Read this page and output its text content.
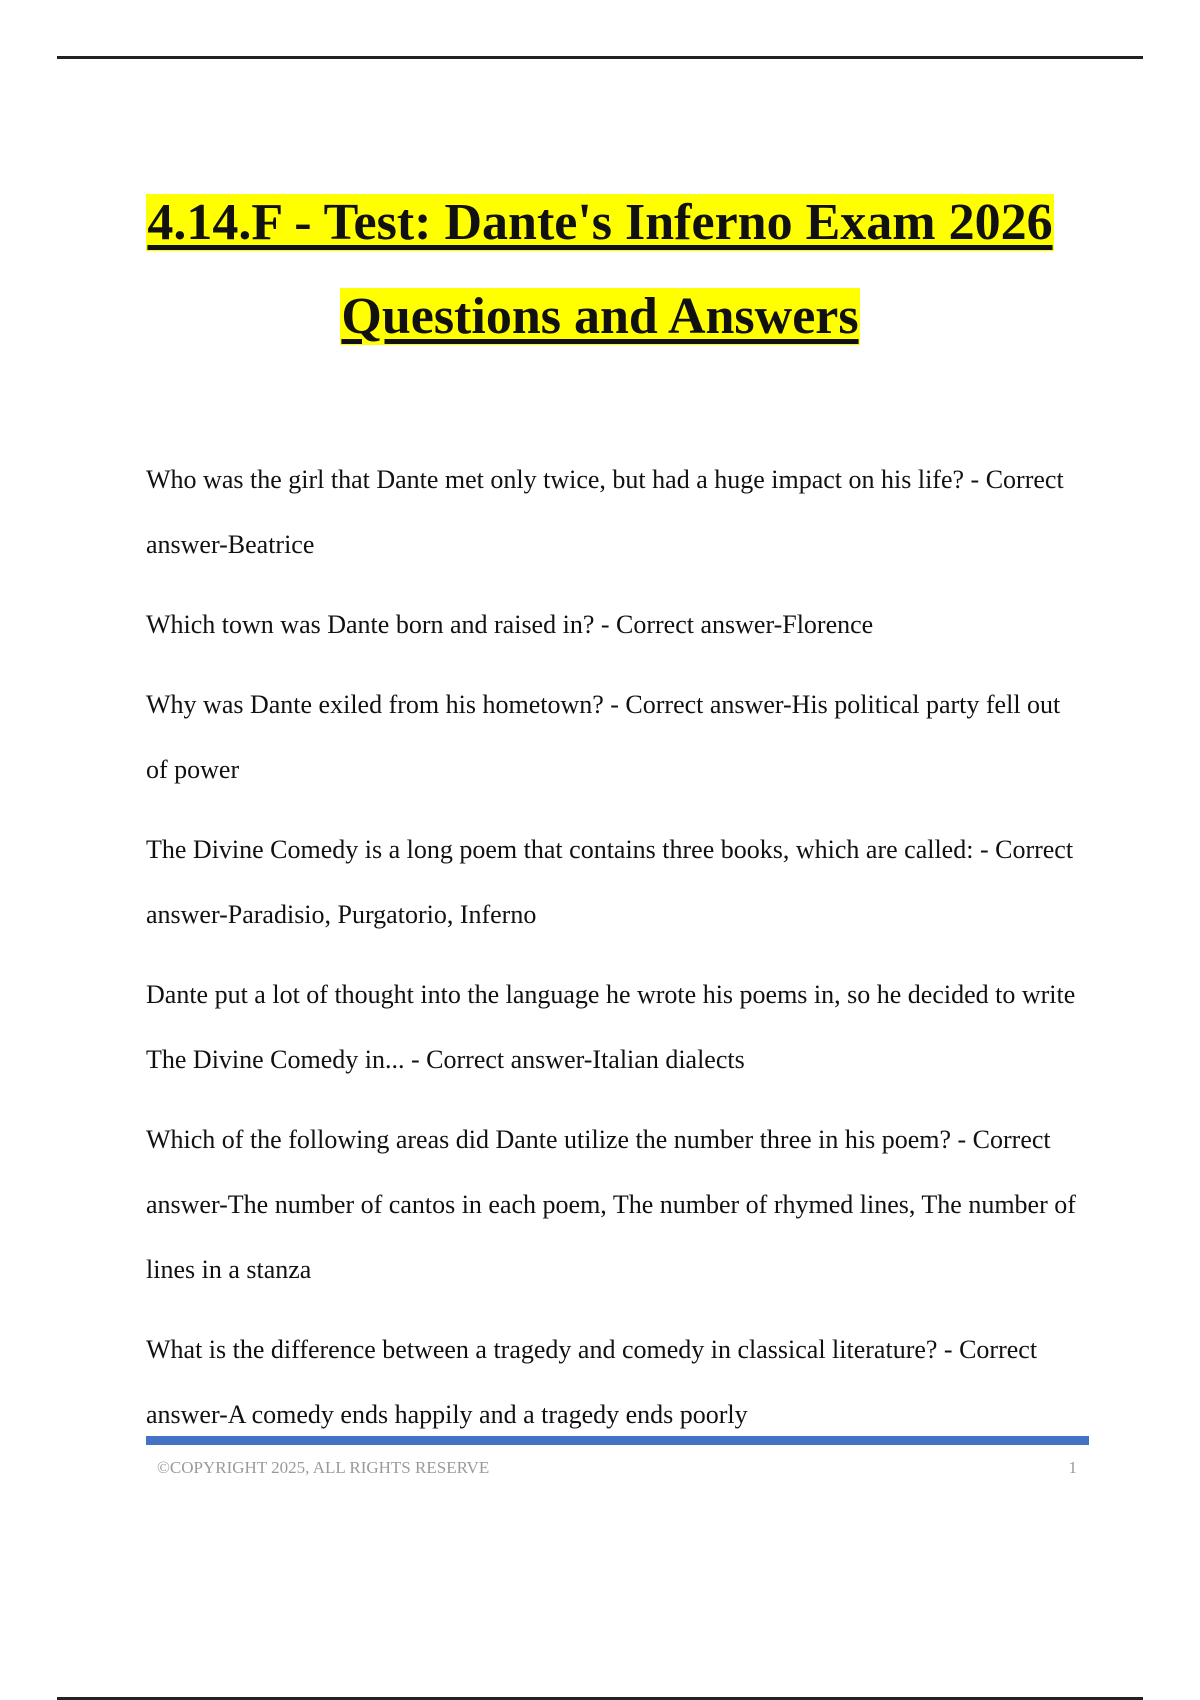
4.14.F - Test: Dante's Inferno Exam 2026
Questions and Answers

Who was the girl that Dante met only twice, but had a huge impact on his life? - Correct answer-Beatrice

Which town was Dante born and raised in? - Correct answer-Florence

Why was Dante exiled from his hometown? - Correct answer-His political party fell out of power

The Divine Comedy is a long poem that contains three books, which are called: - Correct answer-Paradisio, Purgatorio, Inferno

Dante put a lot of thought into the language he wrote his poems in, so he decided to write The Divine Comedy in... - Correct answer-Italian dialects

Which of the following areas did Dante utilize the number three in his poem? - Correct answer-The number of cantos in each poem, The number of rhymed lines, The number of lines in a stanza

What is the difference between a tragedy and comedy in classical literature? - Correct answer-A comedy ends happily and a tragedy ends poorly

©COPYRIGHT 2025, ALL RIGHTS RESERVE	1
